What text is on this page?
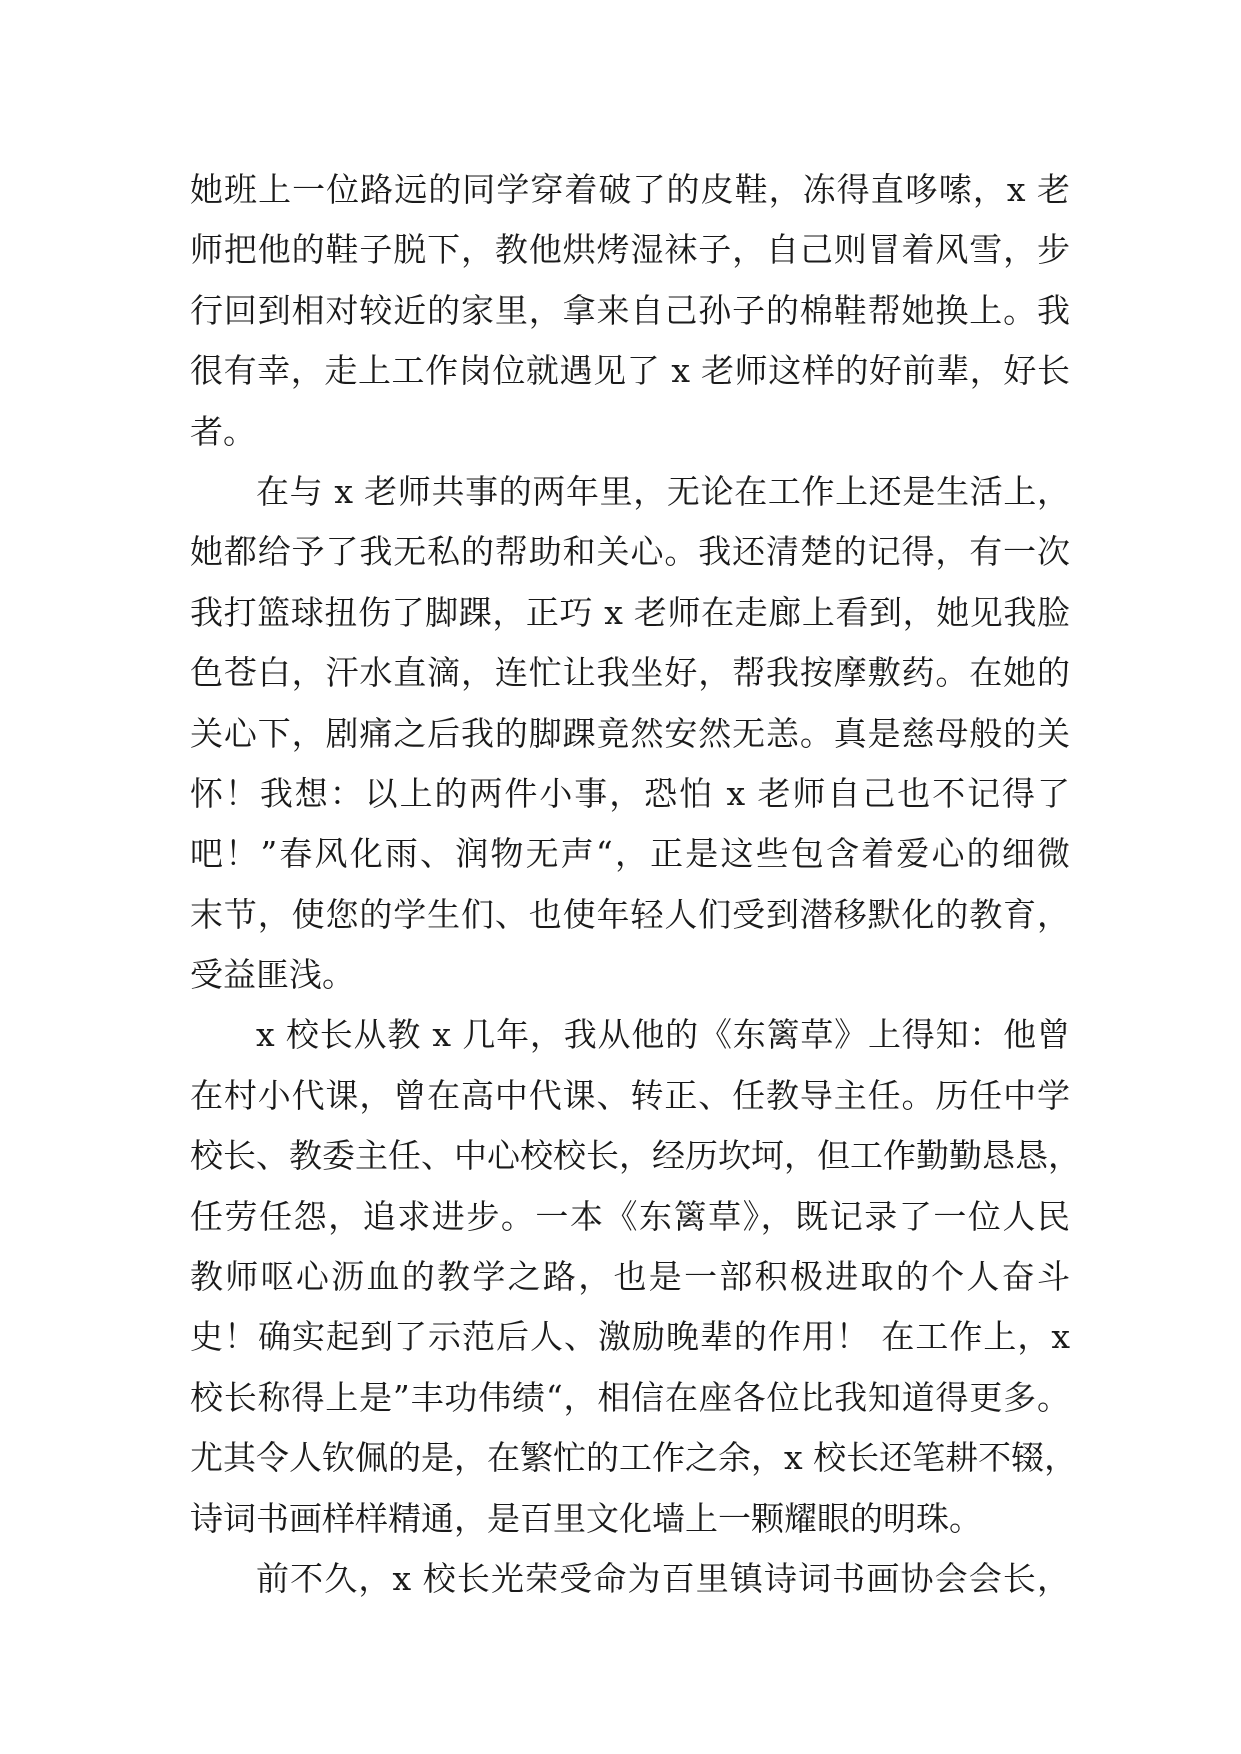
她班上一位路远的同学穿着破了的皮鞋，冻得直哆嗦，x 老
师把他的鞋子脱下，教他烘烤湿袜子，自己则冒着风雪，步
行回到相对较近的家里，拿来自己孙子的棉鞋帮她换上。我
很有幸，走上工作岗位就遇见了 x 老师这样的好前辈，好长
者。
在与 x 老师共事的两年里，无论在工作上还是生活上，
她都给予了我无私的帮助和关心。我还清楚的记得，有一次
我打篮球扭伤了脚踝，正巧 x 老师在走廊上看到，她见我脸
色苍白，汗水直滴，连忙让我坐好，帮我按摩敷药。在她的
关心下，剧痛之后我的脚踝竟然安然无恙。真是慈母般的关
怀！我想：以上的两件小事，恐怕 x 老师自己也不记得了
吧！”春风化雨、润物无声“，正是这些包含着爱心的细微
末节，使您的学生们、也使年轻人们受到潜移默化的教育，
受益匪浅。
x 校长从教 x 几年，我从他的《东篱草》上得知：他曾
在村小代课，曾在高中代课、转正、任教导主任。历任中学
校长、教委主任、中心校校长，经历坎坷，但工作勤勤恳恳，
任劳任怨，追求进步。一本《东篱草》，既记录了一位人民
教师呕心沥血的教学之路，也是一部积极进取的个人奋斗
史！确实起到了示范后人、激励晚辈的作用！ 在工作上，x
校长称得上是”丰功伟绩“，相信在座各位比我知道得更多。
尤其令人钦佩的是，在繁忙的工作之余，x 校长还笔耕不辍，
诗词书画样样精通，是百里文化墙上一颗耀眼的明珠。
前不久，x 校长光荣受命为百里镇诗词书画协会会长，
